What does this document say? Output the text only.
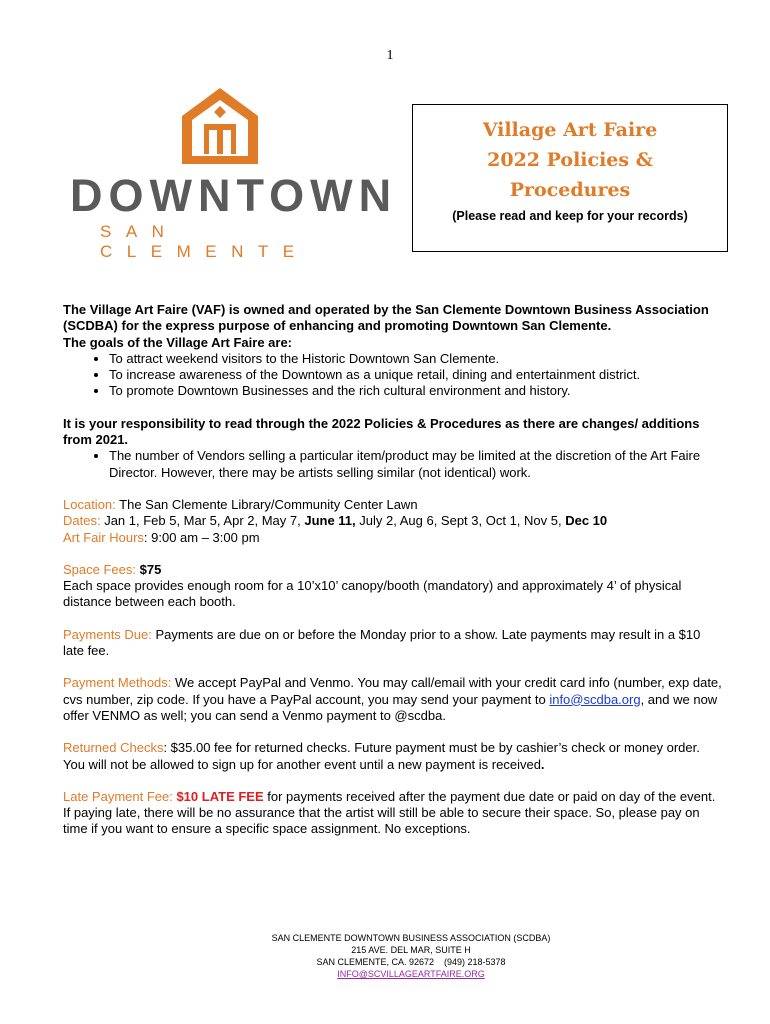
1
DOWNTOWN
SAN CLEMENTE
Village Art Faire
2022 Policies &
Procedures
(Please read and keep for your records)

The Village Art Faire (VAF) is owned and operated by the San Clemente Downtown Business Association (SCDBA) for the express purpose of enhancing and promoting Downtown San Clemente.

The goals of the Village Art Faire are:

• To attract weekend visitors to the Historic Downtown San Clemente.
• To increase awareness of the Downtown as a unique retail, dining and entertainment district.
• To promote Downtown Businesses and the rich cultural environment and history.

It is your responsibility to read through the 2022 Policies & Procedures as there are changes/ additions from 2021.

• The number of Vendors selling a particular item/product may be limited at the discretion of the Art Faire Director. However, there may be artists selling similar (not identical) work.

Location: The San Clemente Library/Community Center Lawn

Dates: Jan 1, Feb 5, Mar 5, Apr 2, May 7, June 11, July 2, Aug 6, Sept 3, Oct 1, Nov 5, Dec 10

Art Fair Hours: 9:00 am – 3:00 pm

Space Fees: $75

Each space provides enough room for a 10’x10’ canopy/booth (mandatory) and approximately 4’ of physical distance between each booth.

Payments Due: Payments are due on or before the Monday prior to a show. Late payments may result in a $10 late fee.

Payment Methods: We accept PayPal and Venmo. You may call/email with your credit card info (number, exp date, cvs number, zip code. If you have a PayPal account, you may send your payment to info@scdba.org, and we now offer VENMO as well; you can send a Venmo payment to @scdba.

Returned Checks: $35.00 fee for returned checks. Future payment must be by cashier’s check or money order. You will not be allowed to sign up for another event until a new payment is received.

Late Payment Fee: $10 LATE FEE for payments received after the payment due date or paid on day of the event. If paying late, there will be no assurance that the artist will still be able to secure their space. So, please pay on time if you want to ensure a specific space assignment. No exceptions.

SAN CLEMENTE DOWNTOWN BUSINESS ASSOCIATION (SCDBA)
215 AVE. DEL MAR, SUITE H
SAN CLEMENTE, CA. 92672    (949) 218-5378
INFO@SCVILLAGEARTFAIRE.ORG
